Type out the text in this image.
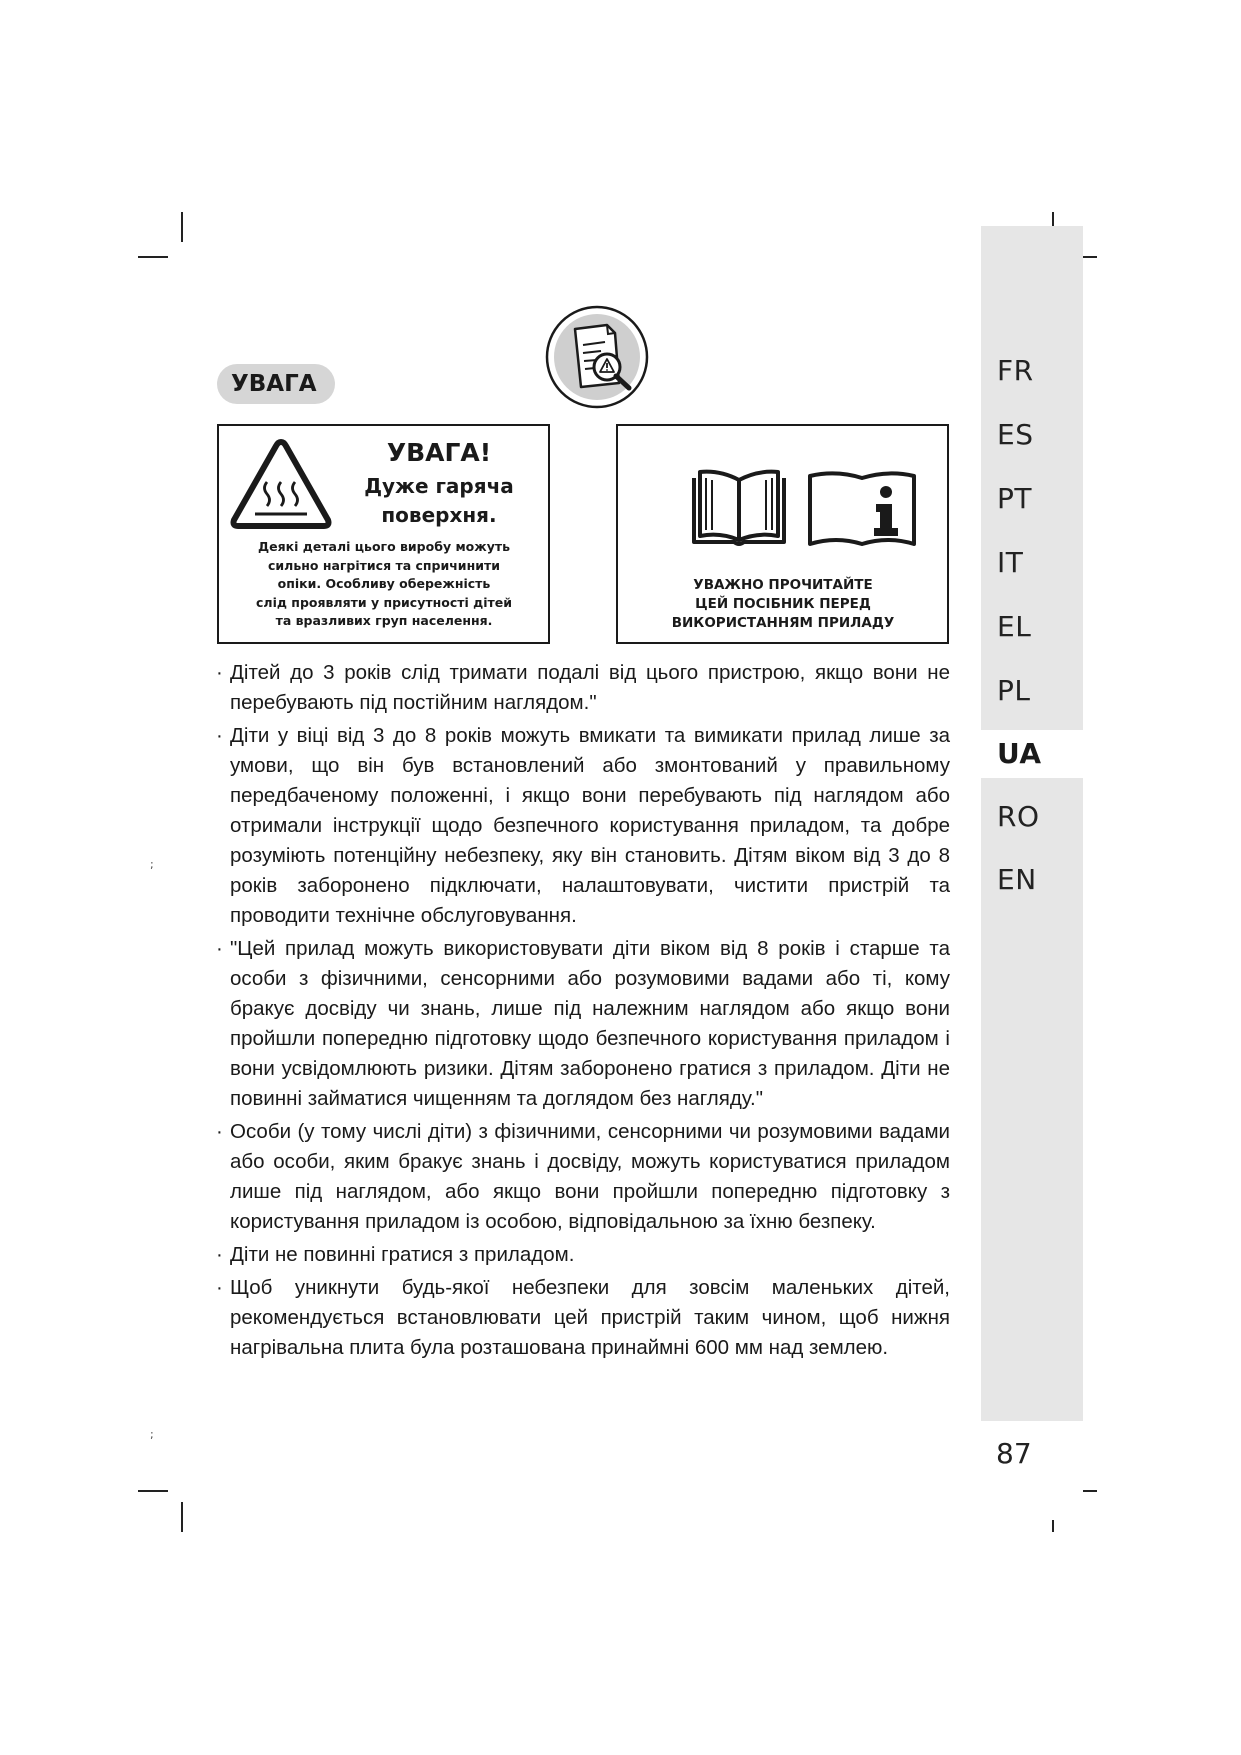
;
;
FR
ES
PT
IT
EL
PL
UA
RO
EN
87
УВАГА
УВАГА!
Дуже гаряча
поверхня.
Деякі деталі цього виробу можуть
сильно нагрітися та спричинити
опіки. Особливу обережність
слід проявляти у присутності дітей
та вразливих груп населення.
УВАЖНО ПРОЧИТАЙТЕ
ЦЕЙ ПОСІБНИК ПЕРЕД
ВИКОРИСТАННЯМ ПРИЛАДУ
· Дітей до 3 років слід тримати подалі від цього пристрою, якщо вони не перебувають під постійним наглядом."
· Діти у віці від 3 до 8 років можуть вмикати та вимикати прилад лише за умови, що він був встановлений або змонтований у правильному передбаченому положенні, і якщо вони перебувають під наглядом або отримали інструкції щодо безпечного користування приладом, та добре розуміють потенційну небезпеку, яку він становить. Дітям віком від 3 до 8 років заборонено підключати, налаштовувати, чистити пристрій та проводити технічне обслуговування.
· "Цей прилад можуть використовувати діти віком від 8 років і старше та особи з фізичними, сенсорними або розумовими вадами або ті, кому бракує досвіду чи знань, лише під належним наглядом або якщо вони пройшли попередню підготовку щодо безпечного користування приладом і вони усвідомлюють ризики. Дітям заборонено гратися з приладом. Діти не повинні займатися чищенням та доглядом без нагляду."
· Особи (у тому числі діти) з фізичними, сенсорними чи розумовими вадами або особи, яким бракує знань і досвіду, можуть користуватися приладом лише під наглядом, або якщо вони пройшли попередню підготовку з користування приладом із особою, відповідальною за їхню безпеку.
· Діти не повинні гратися з приладом.
· Щоб уникнути будь-якої небезпеки для зовсім маленьких дітей, рекомендується встановлювати цей пристрій таким чином, щоб нижня нагрівальна плита була розташована принаймні 600 мм над землею.
